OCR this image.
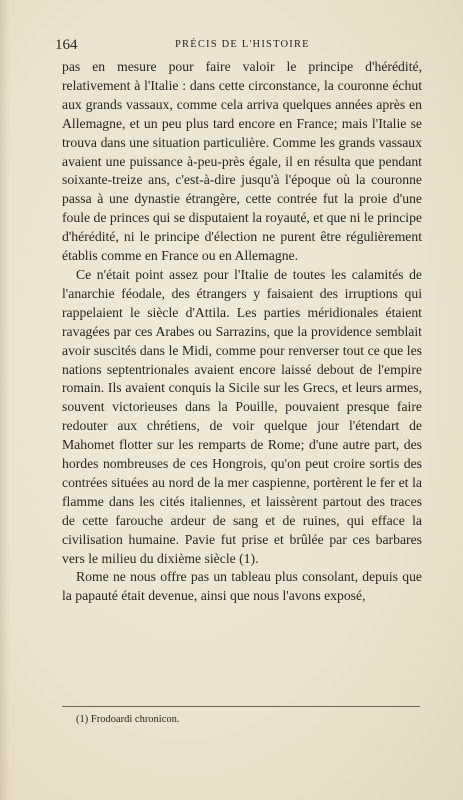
164	PRÉCIS DE L'HISTOIRE

pas en mesure pour faire valoir le principe d'hérédité, relativement à l'Italie : dans cette circonstance, la couronne échut aux grands vassaux, comme cela arriva quelques années après en Allemagne, et un peu plus tard encore en France; mais l'Italie se trouva dans une situation particulière. Comme les grands vassaux avaient une puissance à-peu-près égale, il en résulta que pendant soixante-treize ans, c'est-à-dire jusqu'à l'époque où la couronne passa à une dynastie étrangère, cette contrée fut la proie d'une foule de princes qui se disputaient la royauté, et que ni le principe d'hérédité, ni le principe d'élection ne purent être régulièrement établis comme en France ou en Allemagne.

Ce n'était point assez pour l'Italie de toutes les calamités de l'anarchie féodale, des étrangers y faisaient des irruptions qui rappelaient le siècle d'Attila. Les parties méridionales étaient ravagées par ces Arabes ou Sarrazins, que la providence semblait avoir suscités dans le Midi, comme pour renverser tout ce que les nations septentrionales avaient encore laissé debout de l'empire romain. Ils avaient conquis la Sicile sur les Grecs, et leurs armes, souvent victorieuses dans la Pouille, pouvaient presque faire redouter aux chrétiens, de voir quelque jour l'étendart de Mahomet flotter sur les remparts de Rome; d'une autre part, des hordes nombreuses de ces Hongrois, qu'on peut croire sortis des contrées situées au nord de la mer caspienne, portèrent le fer et la flamme dans les cités italiennes, et laissèrent partout des traces de cette farouche ardeur de sang et de ruines, qui efface la civilisation humaine. Pavie fut prise et brûlée par ces barbares vers le milieu du dixième siècle (1).

Rome ne nous offre pas un tableau plus consolant, depuis que la papauté était devenue, ainsi que nous l'avons exposé,

(1) Frodoardi chronicon.
